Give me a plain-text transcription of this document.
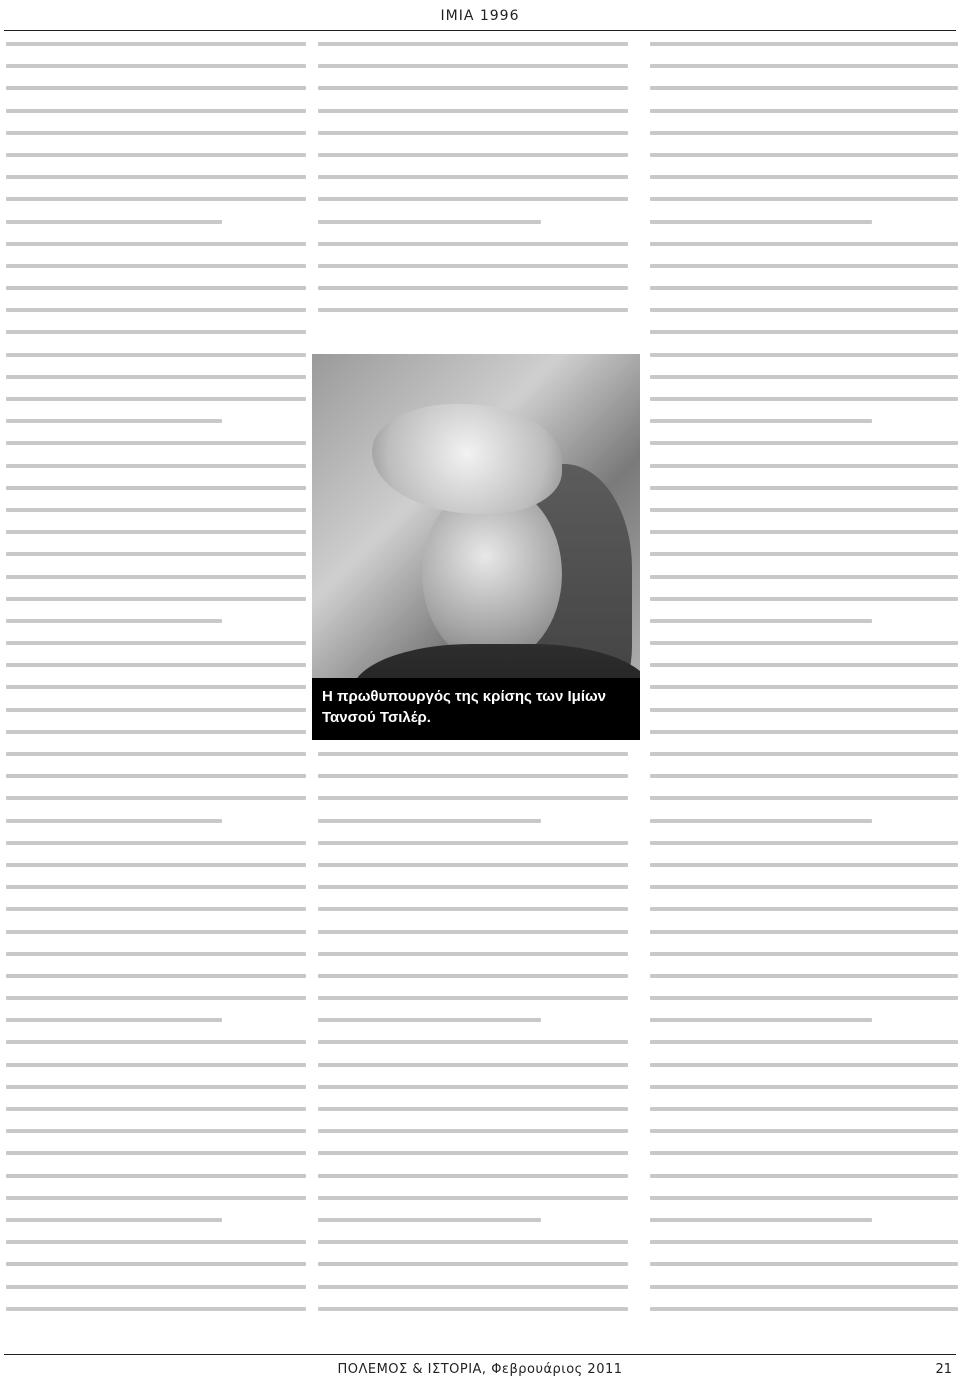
ΙΜΙΑ 1996
Η πρωθυπουργός της κρίσης των Ιμίων Τανσού Τσιλέρ.
ΠΟΛΕΜΟΣ & ΙΣΤΟΡΙΑ, Φεβρουάριος 2011	21
